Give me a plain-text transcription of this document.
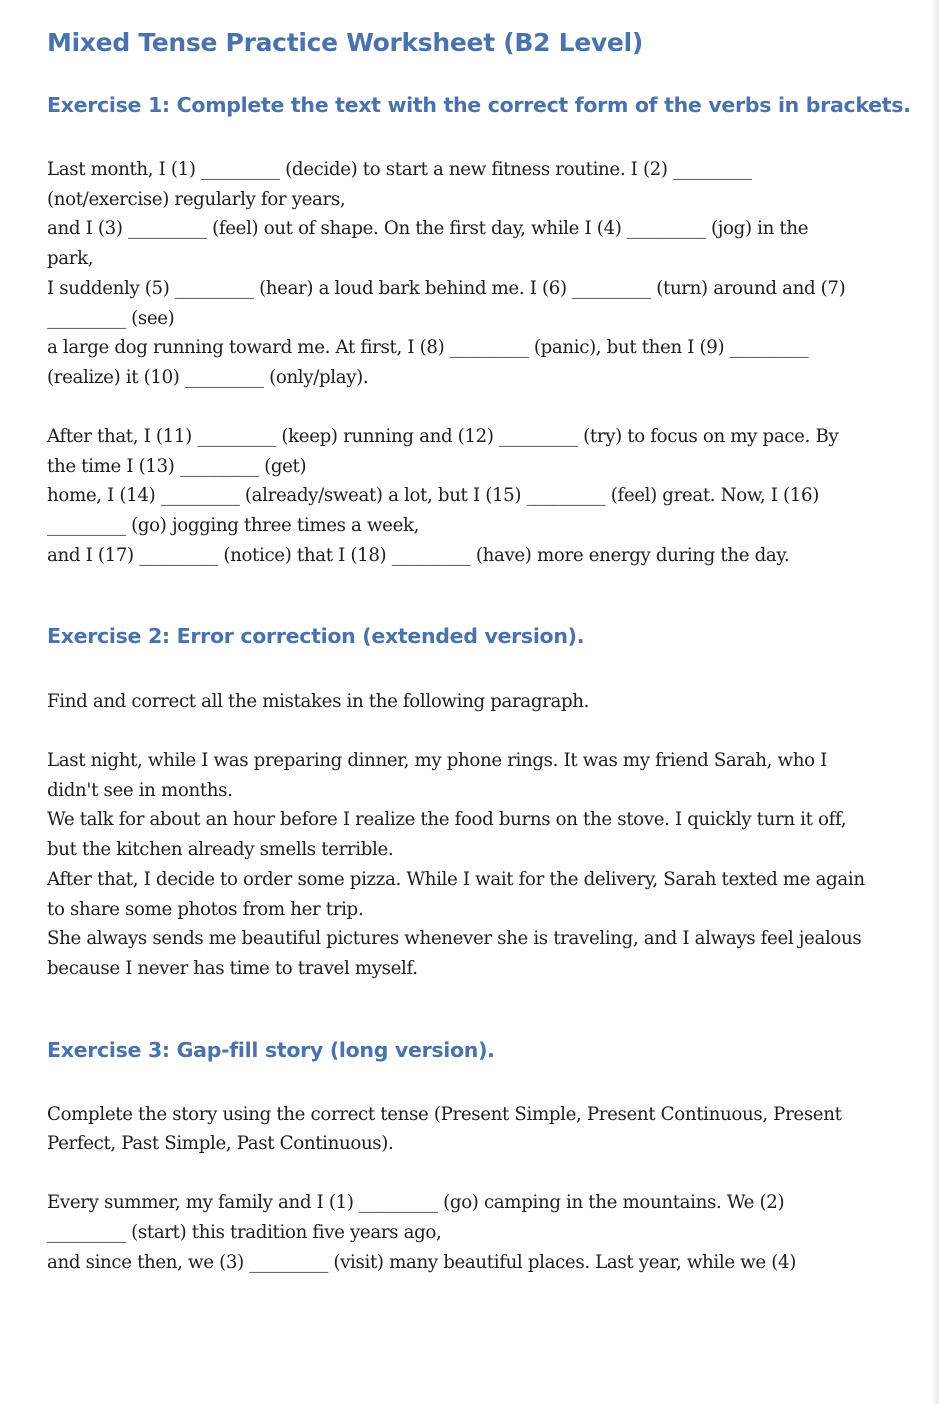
Mixed Tense Practice Worksheet (B2 Level)
Exercise 1: Complete the text with the correct form of the verbs in brackets.
Last month, I (1) _________ (decide) to start a new fitness routine. I (2) _________
(not/exercise) regularly for years,
and I (3) _________ (feel) out of shape. On the first day, while I (4) _________ (jog) in the
park,
I suddenly (5) _________ (hear) a loud bark behind me. I (6) _________ (turn) around and (7)
_________ (see)
a large dog running toward me. At first, I (8) _________ (panic), but then I (9) _________
(realize) it (10) _________ (only/play).
After that, I (11) _________ (keep) running and (12) _________ (try) to focus on my pace. By
the time I (13) _________ (get)
home, I (14) _________ (already/sweat) a lot, but I (15) _________ (feel) great. Now, I (16)
_________ (go) jogging three times a week,
and I (17) _________ (notice) that I (18) _________ (have) more energy during the day.
Exercise 2: Error correction (extended version).
Find and correct all the mistakes in the following paragraph.
Last night, while I was preparing dinner, my phone rings. It was my friend Sarah, who I
didn't see in months.
We talk for about an hour before I realize the food burns on the stove. I quickly turn it off,
but the kitchen already smells terrible.
After that, I decide to order some pizza. While I wait for the delivery, Sarah texted me again
to share some photos from her trip.
She always sends me beautiful pictures whenever she is traveling, and I always feel jealous
because I never has time to travel myself.
Exercise 3: Gap-fill story (long version).
Complete the story using the correct tense (Present Simple, Present Continuous, Present
Perfect, Past Simple, Past Continuous).
Every summer, my family and I (1) _________ (go) camping in the mountains. We (2)
_________ (start) this tradition five years ago,
and since then, we (3) _________ (visit) many beautiful places. Last year, while we (4)
